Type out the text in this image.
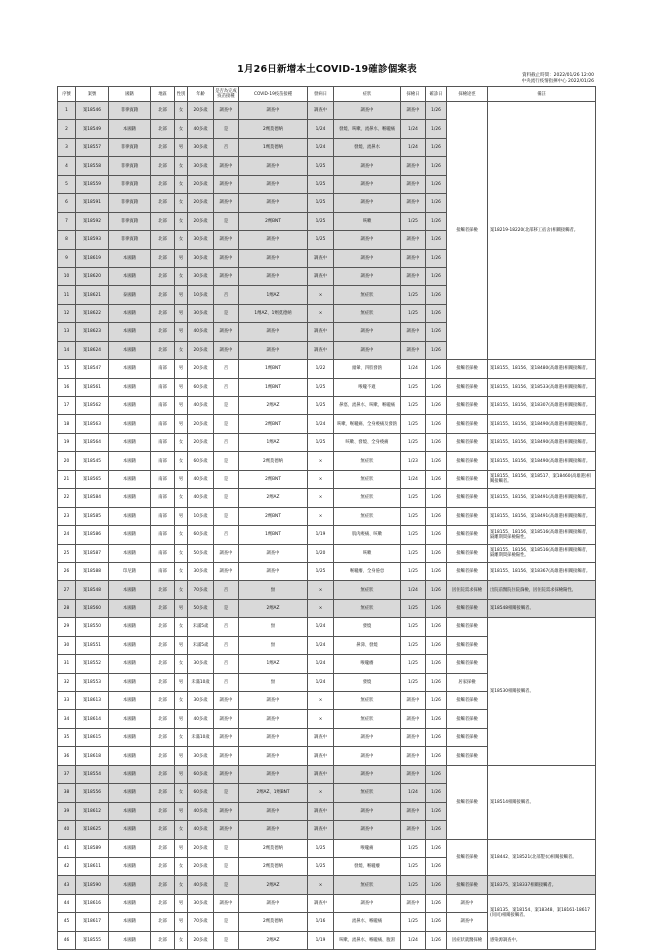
1月26日新增本土COVID-19確診個案表
資料截止時間：2022/01/26 12:00
中央流行疫情指揮中心 2022/01/26
序號	案號	國籍	地區	性別	年齡	是否為完成疫苗接種	COVID-19疫苗接種	發病日	症狀	採檢日	確診日	採檢途徑	備註
1	案18546	菲律賓籍	北部	女	20多歲	調查中	調查中	調查中	調查中	調查中	1/26	接觸者採檢	案18219-18220(北部移工宿舍)相關接觸者。
2	案18549	本國籍	北部	女	40多歲	是	2劑莫德納	1/24	發燒、咳嗽、流鼻水、喉嚨痛	1/24	1/26		
3	案18557	菲律賓籍	北部	男	30多歲	否	1劑莫德納	1/24	發燒、流鼻水	1/24	1/26		
4	案18558	菲律賓籍	北部	女	30多歲	調查中	調查中	1/25	調查中	調查中	1/26		
5	案18559	菲律賓籍	北部	女	20多歲	調查中	調查中	1/25	調查中	調查中	1/26		
6	案18591	菲律賓籍	北部	女	20多歲	調查中	調查中	1/25	調查中	調查中	1/26		
7	案18592	菲律賓籍	北部	女	20多歲	是	2劑BNT	1/25	咳嗽	1/25	1/26		
8	案18593	菲律賓籍	北部	女	30多歲	調查中	調查中	1/25	調查中	調查中	1/26		
9	案18619	本國籍	北部	男	30多歲	調查中	調查中	調查中	調查中	調查中	1/26		
10	案18620	本國籍	北部	女	30多歲	調查中	調查中	調查中	調查中	調查中	1/26		
11	案18621	泰國籍	北部	男	10多歲	否	1劑AZ	×	無症狀	1/25	1/26		
12	案18622	本國籍	北部	男	30多歲	是	1劑AZ、1劑莫德納	×	無症狀	1/25	1/26		
13	案18623	本國籍	北部	男	40多歲	調查中	調查中	調查中	調查中	調查中	1/26		
14	案18624	本國籍	北部	女	20多歲	調查中	調查中	調查中	調查中	調查中	1/26		
15	案18547	本國籍	南部	男	20多歲	否	1劑BNT	1/22	頭暈、四肢發熱	1/24	1/26	接觸者採檢	案18155、18156、案18480(高雄港)相關接觸者。
16	案18561	本國籍	南部	男	60多歲	否	1劑BNT	1/25	喉嚨不適	1/25	1/26	接觸者採檢	案18155、18156、案18533(高雄港)相關接觸者。
17	案18562	本國籍	南部	男	40多歲	是	2劑AZ	1/25	鼻塞、流鼻水、咳嗽、喉嚨痛	1/25	1/26	接觸者採檢	案18155、18156、案18307(高雄港)相關接觸者。
18	案18563	本國籍	南部	男	20多歲	是	2劑BNT	1/24	咳嗽、喉嚨痛、全身痠痛及發熱	1/25	1/26	接觸者採檢	案18155、18156、案18490(高雄港)相關接觸者。
19	案18564	本國籍	南部	女	20多歲	否	1劑AZ	1/25	咳嗽、發燒、全身痠痛	1/25	1/26	接觸者採檢	案18155、18156、案18490(高雄港)相關接觸者。
20	案18545	本國籍	南部	女	60多歲	是	2劑莫德納	×	無症狀	1/23	1/26	接觸者採檢	案18155、18156、案18490(高雄港)相關接觸者。
21	案18565	本國籍	南部	男	40多歲	是	2劑BNT	×	無症狀	1/24	1/26	接觸者採檢	案18155、18156、案18517、案18460(高雄港)相關接觸者。
22	案18584	本國籍	南部	女	40多歲	是	2劑AZ	×	無症狀	1/25	1/26	接觸者採檢	案18155、18156、案18491(高雄港)相關接觸者。
23	案18585	本國籍	南部	男	10多歲	是	2劑BNT	×	無症狀	1/25	1/26	接觸者採檢	案18155、18156、案18491(高雄港)相關接觸者。
24	案18586	本國籍	南部	女	60多歲	否	1劑BNT	1/19	肌肉痠痛、咳嗽	1/25	1/26	接觸者採檢	案18155、18156、案18516(高雄港)相關接觸者，隔離期間採檢陽性。
25	案18587	本國籍	南部	女	50多歲	調查中	調查中	1/20	咳嗽	1/25	1/26	接觸者採檢	案18155、18156、案18516(高雄港)相關接觸者，隔離期間採檢陽性。
26	案18588	印尼籍	南部	女	30多歲	調查中	調查中	1/25	喉嚨癢、全身倦怠	1/25	1/26	接觸者採檢	案18155、18156、案18367(高雄港)相關接觸者。
27	案18548	本國籍	北部	女	70多歲	否	無	×	無症狀	1/24	1/26	因住院需求採檢	出院前醫院住院篩檢，因住院需求採檢陽性。
28	案18560	本國籍	北部	男	50多歲	是	2劑AZ	×	無症狀	1/25	1/26	接觸者採檢	案18548相關接觸者。
29	案18550	本國籍	北部	女	未滿5歲	否	無	1/24	發燒	1/25	1/26	接觸者採檢	案18530相關接觸者。
30	案18551	本國籍	北部	男	未滿5歲	否	無	1/24	鼻涕、發燒	1/25	1/26	接觸者採檢	
31	案18552	本國籍	北部	女	30多歲	否	1劑AZ	1/24	喉嚨癢	1/25	1/26	接觸者採檢	
32	案18553	本國籍	北部	男	未滿10歲	否	無	1/24	發燒	1/25	1/26	居家採檢	
33	案18613	本國籍	北部	女	30多歲	調查中	調查中	×	無症狀	調查中	1/26	接觸者採檢	
34	案18614	本國籍	北部	男	40多歲	調查中	調查中	×	無症狀	調查中	1/26	接觸者採檢	
35	案18615	本國籍	北部	女	未滿10歲	調查中	調查中	調查中	調查中	調查中	1/26	接觸者採檢	
36	案18618	本國籍	北部	男	30多歲	調查中	調查中	調查中	調查中	調查中	1/26	接觸者採檢	
37	案18554	本國籍	北部	男	60多歲	調查中	調查中	調查中	調查中	調查中	1/26	接觸者採檢	案18514相關接觸者。
38	案18556	本國籍	北部	女	60多歲	是	2劑AZ、1劑BNT	×	無症狀	1/24	1/26		
39	案18612	本國籍	北部	男	40多歲	調查中	調查中	調查中	調查中	調查中	1/26		
40	案18625	本國籍	北部	女	40多歲	調查中	調查中	調查中	調查中	調查中	1/26		
41	案18589	本國籍	北部	男	20多歲	是	2劑莫德納	1/25	喉嚨痛	1/25	1/26	接觸者採檢	案18442、案18521(北部製衣)相關接觸者。
42	案18611	本國籍	北部	女	20多歲	是	2劑莫德納	1/25	發燒、喉嚨癢	1/25	1/26		
43	案18590	本國籍	北部	女	40多歲	是	2劑AZ	×	無症狀	1/25	1/26	接觸者採檢	案18375、案18337相關接觸者。
44	案18616	本國籍	北部	男	30多歲	調查中	調查中	調查中	調查中	調查中	1/26	調查中	案18135、案18154、案18348、案18161-18617(同同)相關接觸者。
45	案18617	本國籍	北部	男	70多歲	是	2劑莫德納	1/16	流鼻水、喉嚨痛	1/25	1/26	調查中	
46	案18555	本國籍	北部	女	20多歲	是	2劑AZ	1/19	咳嗽、流鼻水、喉嚨痛、腹瀉	1/24	1/26	因症狀就醫採檢	感染源調查中。
